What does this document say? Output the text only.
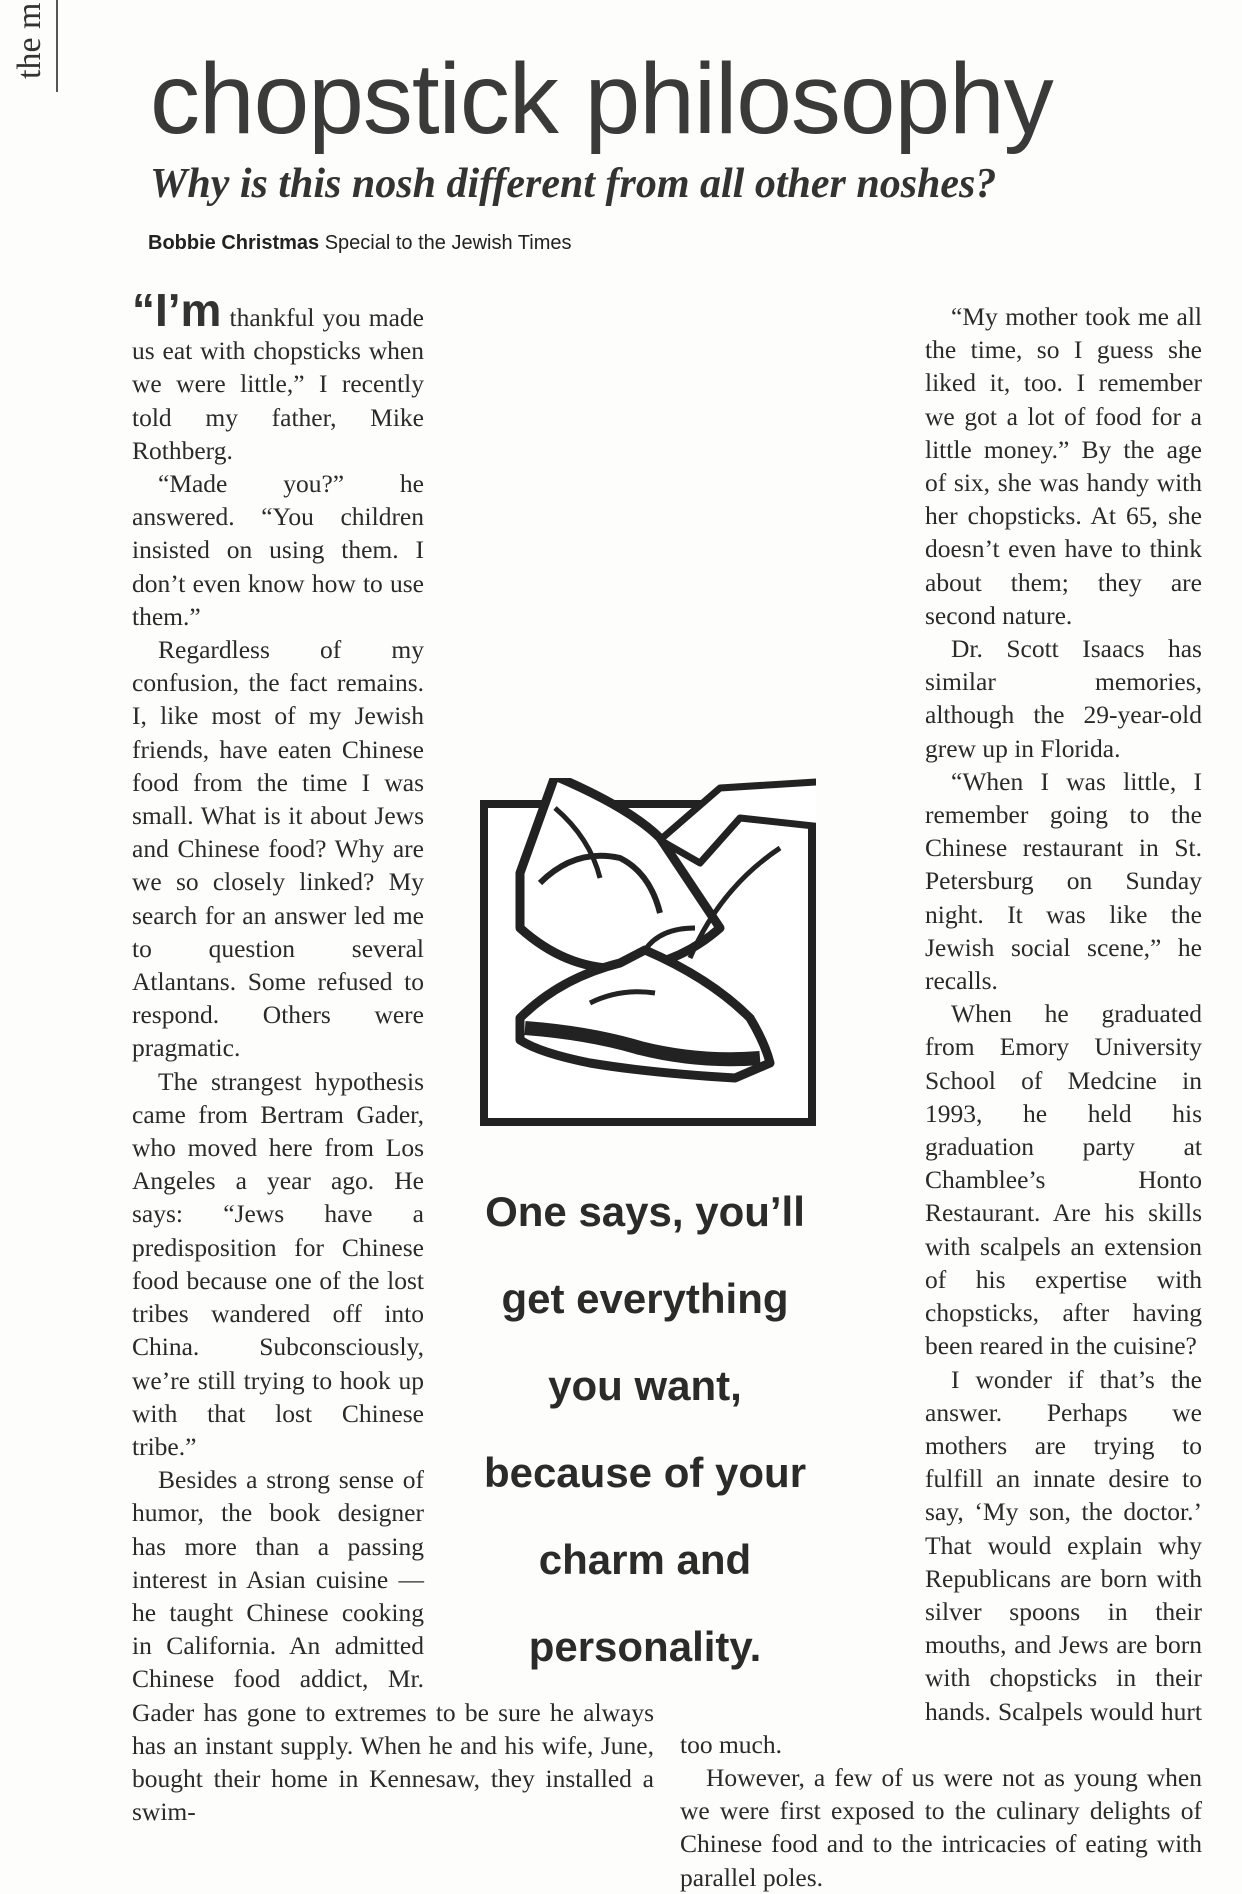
the m
chopstick philosophy
Why is this nosh different from all other noshes?
Bobbie Christmas Special to the Jewish Times

“I’m thankful you made us eat with chopsticks when we were little,” I recently told my father, Mike Rothberg.

“Made you?” he answered. “You children insisted on using them. I don’t even know how to use them.”

Regardless of my confusion, the fact remains. I, like most of my Jewish friends, have eaten Chinese food from the time I was small. What is it about Jews and Chinese food? Why are we so closely linked? My search for an answer led me to question several Atlantans. Some refused to respond. Others were pragmatic.

The strangest hypothesis came from Bertram Gader, who moved here from Los Angeles a year ago. He says: “Jews have a predisposition for Chinese food because one of the lost tribes wandered off into China. Subconsciously, we’re still trying to hook up with that lost Chinese tribe.”

Besides a strong sense of humor, the book designer has more than a passing interest in Asian cuisine — he taught Chinese cooking in California. An admitted Chinese food addict, Mr. Gader has gone to extremes to be sure he always has an instant supply. When he and his wife, June, bought their home in Kennesaw, they installed a swim-

“My mother took me all the time, so I guess she liked it, too. I remember we got a lot of food for a little money.” By the age of six, she was handy with her chopsticks. At 65, she doesn’t even have to think about them; they are second nature.

Dr. Scott Isaacs has similar memories, although the 29-year-old grew up in Florida.

“When I was little, I remember going to the Chinese restaurant in St. Petersburg on Sunday night. It was like the Jewish social scene,” he recalls.

When he graduated from Emory University School of Medcine in 1993, he held his graduation party at Chamblee’s Honto Restaurant. Are his skills with scalpels an extension of his expertise with chopsticks, after having been reared in the cuisine?

I wonder if that’s the answer. Perhaps we mothers are trying to fulfill an innate desire to say, ‘My son, the doctor.’ That would explain why Republicans are born with silver spoons in their mouths, and Jews are born with chopsticks in their hands. Scalpels would hurt too much.

However, a few of us were not as young when we were first exposed to the culinary delights of Chinese food and to the intricacies of eating with parallel poles.

One says, you’ll
get everything
you want,
because of your
charm and
personality.
